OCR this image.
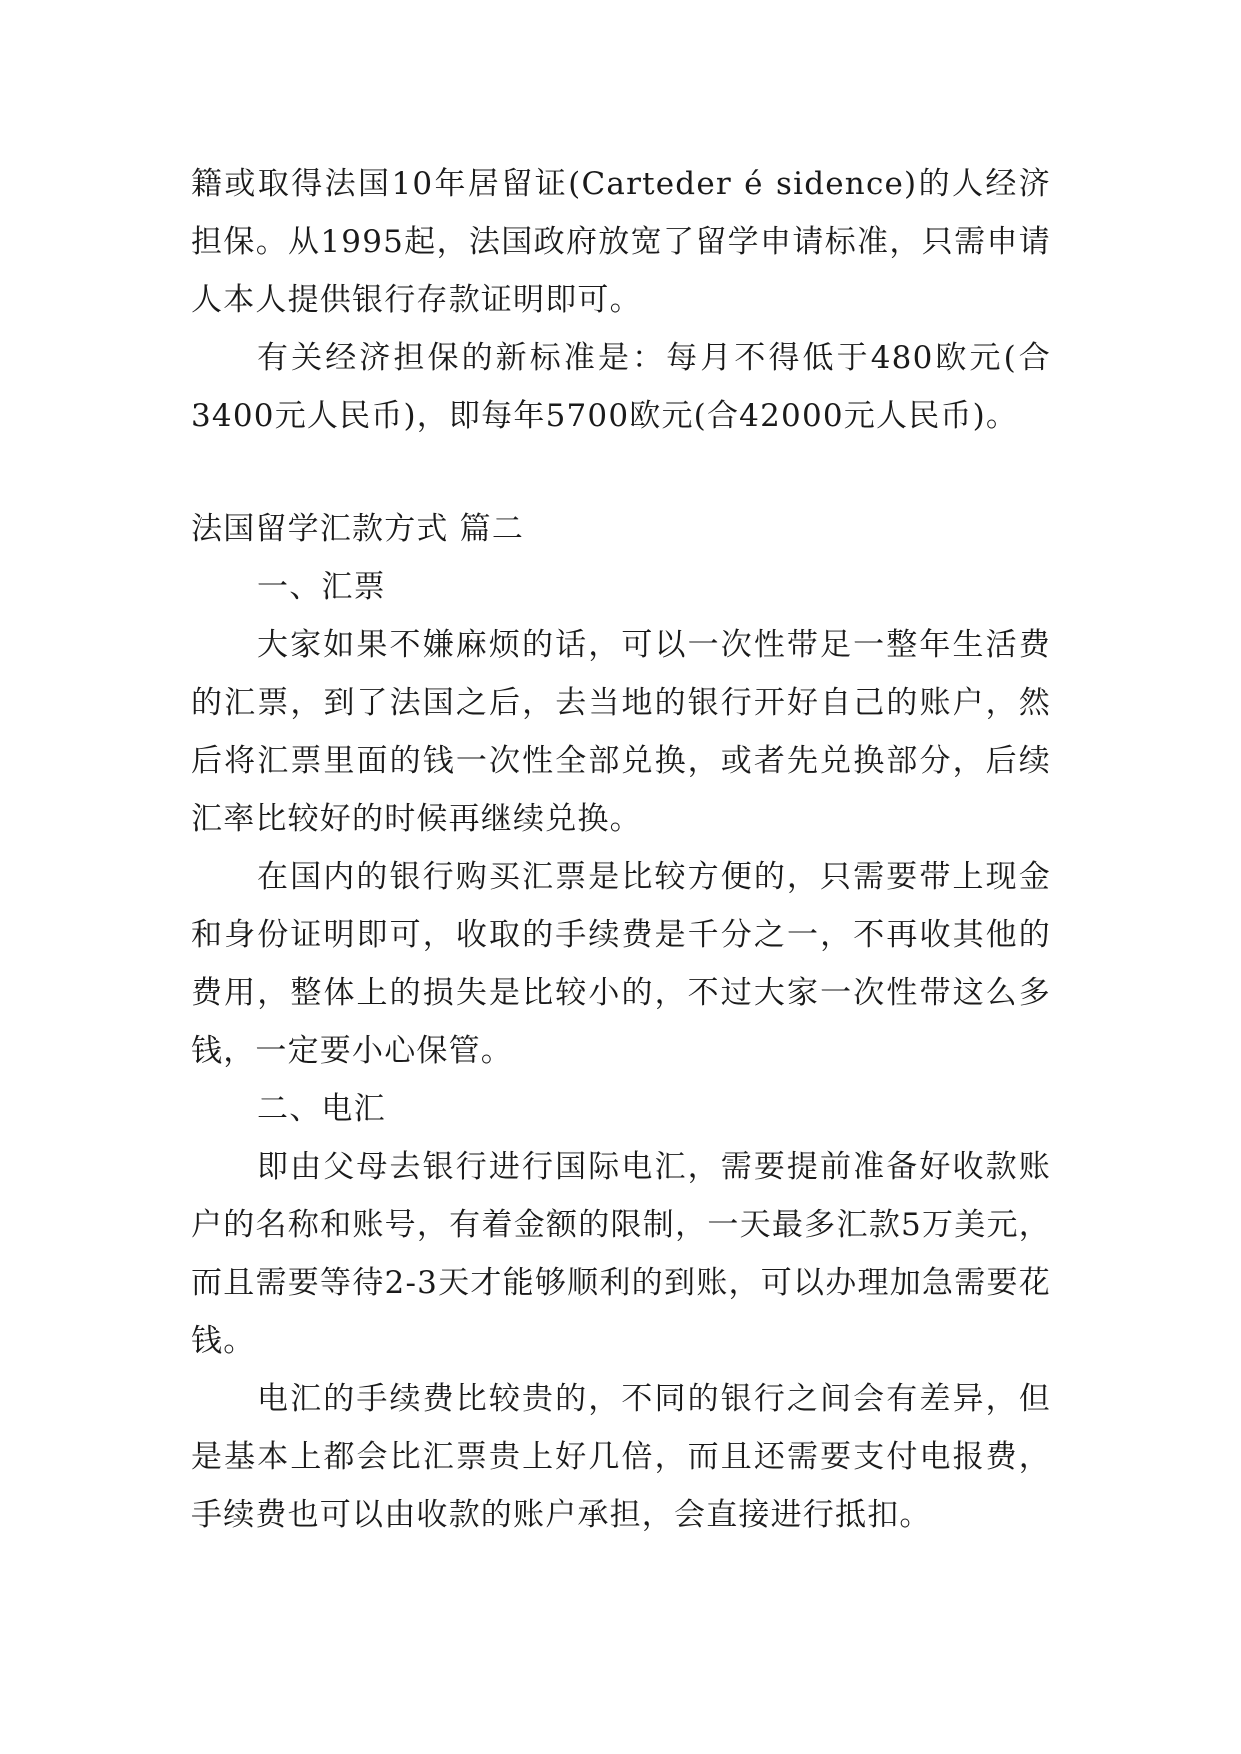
籍或取得法国10年居留证(Carteder é sidence)的人经济担保。从1995起，法国政府放宽了留学申请标准，只需申请人本人提供银行存款证明即可。

有关经济担保的新标准是：每月不得低于480欧元(合3400元人民币)，即每年5700欧元(合42000元人民币)。

法国留学汇款方式 篇二

一、汇票

大家如果不嫌麻烦的话，可以一次性带足一整年生活费的汇票，到了法国之后，去当地的银行开好自己的账户，然后将汇票里面的钱一次性全部兑换，或者先兑换部分，后续汇率比较好的时候再继续兑换。

在国内的银行购买汇票是比较方便的，只需要带上现金和身份证明即可，收取的手续费是千分之一，不再收其他的费用，整体上的损失是比较小的，不过大家一次性带这么多钱，一定要小心保管。

二、电汇

即由父母去银行进行国际电汇，需要提前准备好收款账户的名称和账号，有着金额的限制，一天最多汇款5万美元，而且需要等待2-3天才能够顺利的到账，可以办理加急需要花钱。

电汇的手续费比较贵的，不同的银行之间会有差异，但是基本上都会比汇票贵上好几倍，而且还需要支付电报费，手续费也可以由收款的账户承担，会直接进行抵扣。
